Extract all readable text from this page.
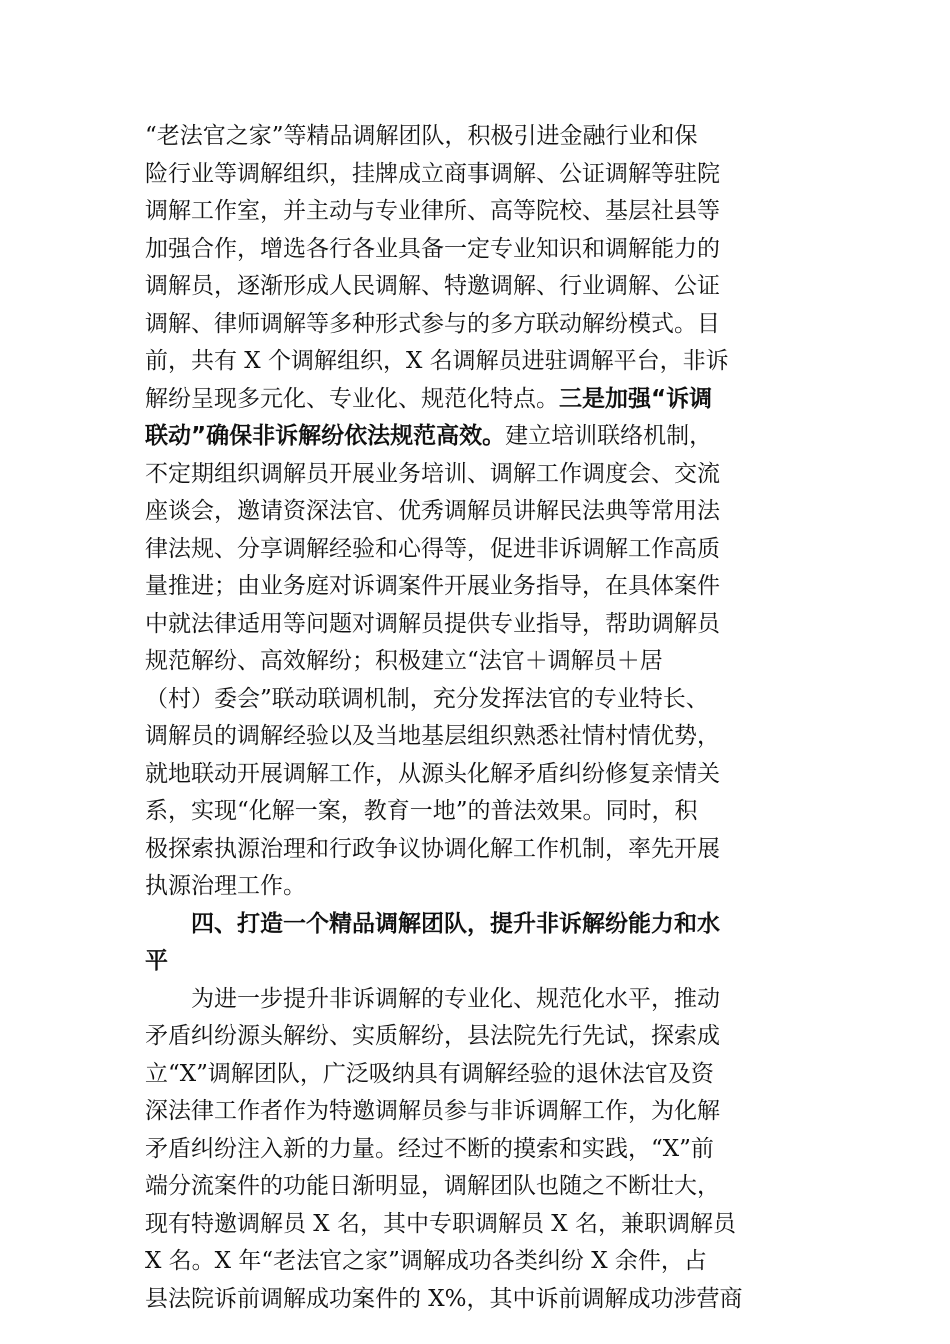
“老法官之家”等精品调解团队，积极引进金融行业和保
险行业等调解组织，挂牌成立商事调解、公证调解等驻院
调解工作室，并主动与专业律所、高等院校、基层社县等
加强合作，增选各行各业具备一定专业知识和调解能力的
调解员，逐渐形成人民调解、特邀调解、行业调解、公证
调解、律师调解等多种形式参与的多方联动解纷模式。目
前，共有 X 个调解组织，X 名调解员进驻调解平台，非诉
解纷呈现多元化、专业化、规范化特点。三是加强“诉调
联动”确保非诉解纷依法规范高效。建立培训联络机制，
不定期组织调解员开展业务培训、调解工作调度会、交流
座谈会，邀请资深法官、优秀调解员讲解民法典等常用法
律法规、分享调解经验和心得等，促进非诉调解工作高质
量推进；由业务庭对诉调案件开展业务指导，在具体案件
中就法律适用等问题对调解员提供专业指导，帮助调解员
规范解纷、高效解纷；积极建立“法官＋调解员＋居
（村）委会”联动联调机制，充分发挥法官的专业特长、
调解员的调解经验以及当地基层组织熟悉社情村情优势，
就地联动开展调解工作，从源头化解矛盾纠纷修复亲情关
系，实现“化解一案，教育一地”的普法效果。同时，积
极探索执源治理和行政争议协调化解工作机制，率先开展
执源治理工作。
四、打造一个精品调解团队，提升非诉解纷能力和水
平
为进一步提升非诉调解的专业化、规范化水平，推动
矛盾纠纷源头解纷、实质解纷，县法院先行先试，探索成
立“X”调解团队，广泛吸纳具有调解经验的退休法官及资
深法律工作者作为特邀调解员参与非诉调解工作，为化解
矛盾纠纷注入新的力量。经过不断的摸索和实践，“X”前
端分流案件的功能日渐明显，调解团队也随之不断壮大，
现有特邀调解员 X 名，其中专职调解员 X 名，兼职调解员
X 名。X 年“老法官之家”调解成功各类纠纷 X 余件，占
县法院诉前调解成功案件的 X%，其中诉前调解成功涉营商
